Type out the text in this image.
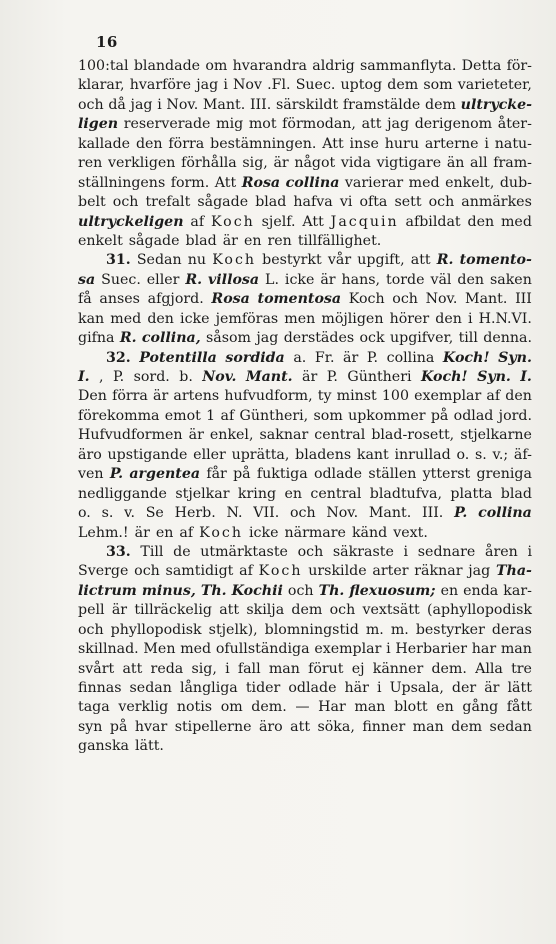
16
100:tal blandade om hvarandra aldrig sammanflyta. Detta för-
klarar, hvarföre jag i Nov .Fl. Suec. uptog dem som varieteter,
och då jag i Nov. Mant. III. särskildt framstälde dem ultrycke-
ligen reserverade mig mot förmodan, att jag derigenom åter-
kallade den förra bestämningen. Att inse huru arterne i natu-
ren verkligen förhålla sig, är något vida vigtigare än all fram-
ställningens form. Att Rosa collina varierar med enkelt, dub-
belt och trefalt sågade blad hafva vi ofta sett och anmärkes
ultryckeligen af Koch sjelf. Att Jacquin afbildat den med
enkelt sågade blad är en ren tillfällighet.
31. Sedan nu Koch bestyrkt vår upgift, att R. tomento-
sa Suec. eller R. villosa L. icke är hans, torde väl den saken
få anses afgjord. Rosa tomentosa Koch och Nov. Mant. III
kan med den icke jemföras men möjligen hörer den i H.N.VI.
gifna R. collina, såsom jag derstädes ock upgifver, till denna.
32. Potentilla sordida a. Fr. är P. collina Koch! Syn.
I. , P. sord. b. Nov. Mant. är P. Güntheri Koch! Syn. I.
Den förra är artens hufvudform, ty minst 100 exemplar af den
förekomma emot 1 af Güntheri, som upkommer på odlad jord.
Hufvudformen är enkel, saknar central blad-rosett, stjelkarne
äro upstigande eller uprätta, bladens kant inrullad o. s. v.; äf-
ven P. argentea får på fuktiga odlade ställen ytterst greniga
nedliggande stjelkar kring en central bladtufva, platta blad
o. s. v. Se Herb. N. VII. och Nov. Mant. III. P. collina
Lehm.! är en af Koch icke närmare känd vext.
33. Till de utmärktaste och säkraste i sednare åren i
Sverge och samtidigt af Koch urskilde arter räknar jag Tha-
lictrum minus, Th. Kochii och Th. flexuosum; en enda kar-
pell är tillräckelig att skilja dem och vextsätt (aphyllopodisk
och phyllopodisk stjelk), blomningstid m. m. bestyrker deras
skillnad. Men med ofullständiga exemplar i Herbarier har man
svårt att reda sig, i fall man förut ej känner dem. Alla tre
finnas sedan långliga tider odlade här i Upsala, der är lätt
taga verklig notis om dem. — Har man blott en gång fått
syn på hvar stipellerne äro att söka, finner man dem sedan
ganska lätt.
